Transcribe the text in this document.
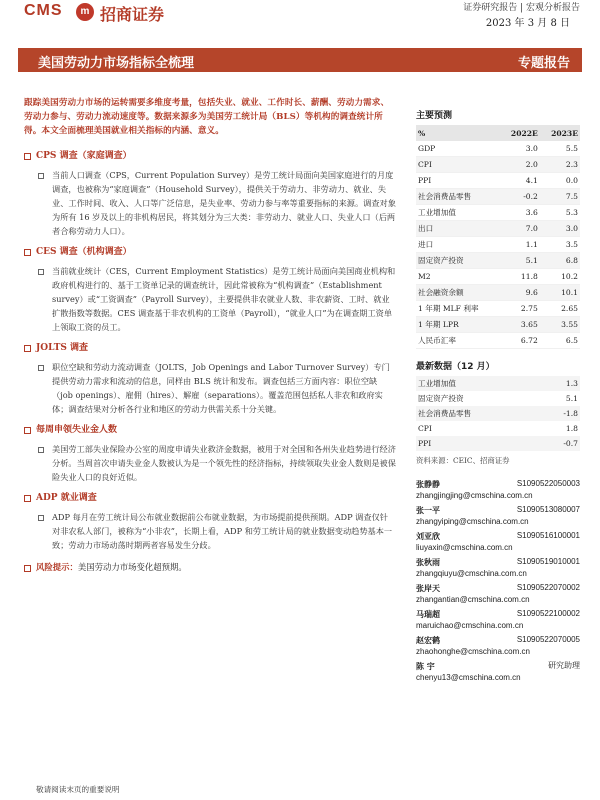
CMS	m 招商证券	证券研究报告 | 宏观分析报告
2023 年 3 月 8 日
美国劳动力市场指标全梳理	专题报告

跟踪美国劳动力市场的运转需要多维度考量，包括失业、就业、工作时长、薪酬、劳动力需求、劳动力参与、劳动力流动速度等。数据来源多为美国劳工统计局（BLS）等机构的调查统计所得。本文全面梳理美国就业相关指标的内涵、意义。

CPS 调查（家庭调查）
当前人口调查（CPS，Current Population Survey）是劳工统计局面向美国家庭进行的月度调查，也被称为“家庭调查”（Household Survey），提供关于劳动力、非劳动力、就业、失业、工作时间、收入、人口等广泛信息，是失业率、劳动力参与率等重要指标的来源。调查对象为所有 16 岁及以上的非机构居民，将其划分为三大类：非劳动力、就业人口、失业人口（后两者合称劳动力人口）。
CES 调查（机构调查）
当前就业统计（CES，Current Employment Statistics）是劳工统计局面向美国商业机构和政府机构进行的、基于工资单记录的调查统计，因此常被称为“机构调查”（Establishment survey）或“工资调查”（Payroll Survey），主要提供非农就业人数、非农薪资、工时、就业扩散指数等数据。CES 调查基于非农机构的工资单（Payroll），“就业人口”为在调查期工资单上领取工资的员工。
JOLTS 调查
职位空缺和劳动力流动调查（JOLTS，Job Openings and Labor Turnover Survey）专门提供劳动力需求和流动的信息，同样由 BLS 统计和发布。调查包括三方面内容：职位空缺（job openings）、雇佣（hires）、解雇（separations）。覆盖范围包括私人非农和政府实体；调查结果对分析各行业和地区的劳动力供需关系十分关键。
每周申领失业金人数
美国劳工部失业保险办公室的周度申请失业救济金数据，被用于对全国和各州失业趋势进行经济分析。当周首次申请失业金人数被认为是一个领先性的经济指标，持续领取失业金人数则是被保险失业人口的良好近似。
ADP 就业调查
ADP 每月在劳工统计局公布就业数据前公布就业数据，为市场提前提供预期。ADP 调查仅针对非农私人部门，被称为“小非农”，长期上看，ADP 和劳工统计局的就业数据变动趋势基本一致；劳动力市场动荡时期两者容易发生分歧。
风险提示：美国劳动力市场变化超预期。
主要预测
%	2022E	2023E
GDP	3.0	5.5
CPI	2.0	2.3
PPI	4.1	0.0
社会消费品零售	-0.2	7.5
工业增加值	3.6	5.3
出口	7.0	3.0
进口	1.1	3.5
固定资产投资	5.1	6.8
M2	11.8	10.2
社会融资余额	9.6	10.1
1 年期 MLF 利率	2.75	2.65
1 年期 LPR	3.65	3.55
人民币汇率	6.72	6.5
最新数据（12 月）
工业增加值	1.3
固定资产投资	5.1
社会消费品零售	-1.8
CPI	1.8
PPI	-0.7
资料来源：CEIC、招商证券
张静静	S1090522050003
zhangjingjing@cmschina.com.cn
张一平	S1090513080007
zhangyiping@cmschina.com.cn
刘亚欣	S1090516100001
liuyaxin@cmschina.com.cn
张秋雨	S1090519010001
zhangqiuyu@cmschina.com.cn
张岸天	S1090522070002
zhangantian@cmschina.com.cn
马瑞超	S1090522100002
maruichao@cmschina.com.cn
赵宏鹤	S1090522070005
zhaohonghe@cmschina.com.cn
陈 宇	研究助理
chenyu13@cmschina.com.cn
敬请阅读末页的重要说明
